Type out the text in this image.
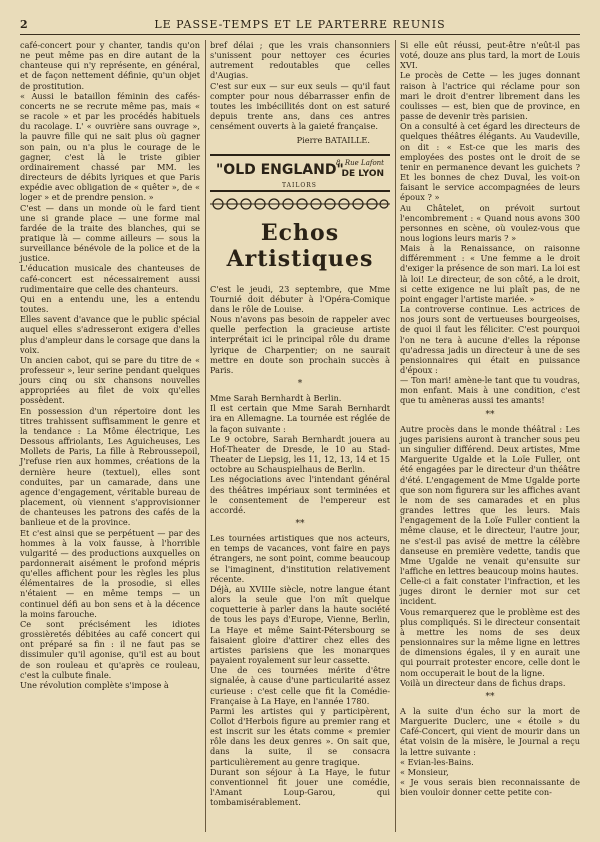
2	LE PASSE-TEMPS ET LE PARTERRE REUNIS

café-concert pour y chanter, tandis qu'on ne peut même pas en dire autant de la chanteuse qui n'y représente, en général, et de façon nettement définie, qu'un objet de prostitution.

« Aussi le bataillon féminin des cafés-concerts ne se recrute même pas, mais « se racole » et par les procédés habituels du racolage. L' « ouvrière sans ouvrage », la pauvre fille qui ne sait plus où gagner son pain, ou n'a plus le courage de le gagner, c'est là le triste gibier ordinairement chassé par MM. les directeurs de débits lyriques et que Paris expédie avec obligation de « quêter », de « loger » et de prendre pension. »

C'est — dans un monde où le fard tient une si grande place — une forme mal fardée de la traite des blanches, qui se pratique là — comme ailleurs — sous la surveillance bénévole de la police et de la justice.

L'éducation musicale des chanteuses de café-concert est nécessairement aussi rudimentaire que celle des chanteurs.

Qui en a entendu une, les a entendu toutes.

Elles savent d'avance que le public spécial auquel elles s'adresseront exigera d'elles plus d'ampleur dans le corsage que dans la voix.

Un ancien cabot, qui se pare du titre de « professeur », leur serine pendant quelques jours cinq ou six chansons nouvelles appropriées au filet de voix qu'elles possèdent.

En possession d'un répertoire dont les titres trahissent suffisamment le genre et la tendance : La Môme électrique, Les Dessous affriolants, Les Aguicheuses, Les Mollets de Paris, La fille à Rebroussepoil, J'refuse rien aux hommes, créations de la dernière heure (textuel), elles sont conduites, par un camarade, dans une agence d'engagement, véritable bureau de placement, où viennent s'approvisionner de chanteuses les patrons des cafés de la banlieue et de la province.

Et c'est ainsi que se perpétuent — par des hommes à la voix fausse, à l'horrible vulgarité — des productions auxquelles on pardonnerait aisément le profond mépris qu'elles affichent pour les règles les plus élémentaires de la prosodie, si elles n'étaient — en même temps — un continuel défi au bon sens et à la décence la moins farouche.

Ce sont précisément les idiotes grossièretés débitées au café concert qui ont préparé sa fin : il ne faut pas se dissimuler qu'il agonise, qu'il est au bout de son rouleau et qu'après ce rouleau, c'est la culbute finale.

Une révolution complète s'impose à

bref délai ; que les vrais chansonniers s'unissent pour nettoyer ces écuries autrement redoutables que celles d'Augias.

C'est sur eux — sur eux seuls — qu'il faut compter pour nous débarrasser enfin de toutes les imbécillités dont on est saturé depuis trente ans, dans ces antres censément ouverts à la gaieté française.

Pierre BATAILLE.

8, Rue Lafont
"OLD ENGLAND"
DE LYON
TAILORS

Echos Artistiques

C'est le jeudi, 23 septembre, que Mme Tournié doit débuter à l'Opéra-Comique dans le rôle de Louise.

Nous n'avons pas besoin de rappeler avec quelle perfection la gracieuse artiste interprétait ici le principal rôle du drame lyrique de Charpentier; on ne saurait mettre en doute son prochain succès à Paris.

*

Mme Sarah Bernhardt à Berlin.

Il est certain que Mme Sarah Bernhardt ira en Allemagne. La tournée est réglée de la façon suivante :

Le 9 octobre, Sarah Bernhardt jouera au Hof-Theater de Dresde, le 10 au Stad-Theater de Liepsig, les 11, 12, 13, 14 et 15 octobre au Schauspielhaus de Berlin.

Les négociations avec l'intendant général des théâtres impériaux sont terminées et le consentement de l'empereur est accordé.

**

Les tournées artistiques que nos acteurs, en temps de vacances, vont faire en pays étrangers, ne sont point, comme beaucoup se l'imaginent, d'institution relativement récente.

Déjà, au XVIIIe siècle, notre langue étant alors la seule que l'on mît quelque coquetterie à parler dans la haute société de tous les pays d'Europe, Vienne, Berlin, La Haye et même Saint-Pétersbourg se faisaient gloire d'attirer chez elles des artistes parisiens que les monarques payaient royalement sur leur cassette.

Une de ces tournées mérite d'être signalée, à cause d'une particularité assez curieuse : c'est celle que fit la Comédie-Française à La Haye, en l'année 1780.

Parmi les artistes qui y participèrent, Collot d'Herbois figure au premier rang et est inscrit sur les états comme « premier rôle dans les deux genres ». On sait que, dans la suite, il se consacra particulièrement au genre tragique.

Durant son séjour à La Haye, le futur conventionnel fit jouer une comédie, l'Amant Loup-Garou, qui tombamisérablement.

Si elle eût réussi, peut-être n'eût-il pas voté, douze ans plus tard, la mort de Louis XVI.

Le procès de Cette — les juges donnant raison à l'actrice qui réclame pour son mari le droit d'entrer librement dans les coulisses — est, bien que de province, en passe de devenir très parisien.

On a consulté à cet égard les directeurs de quelques théâtres élégants. Au Vaudeville, on dit : « Est-ce que les maris des employées des postes ont le droit de se tenir en permanence devant les guichets ? Et les bonnes de chez Duval, les voit-on faisant le service accompagnées de leurs époux ? »

Au Châtelet, on prévoit surtout l'encombrement : « Quand nous avons 300 personnes en scène, où voulez-vous que nous logions leurs maris ? »

Mais à la Renaissance, on raisonne différemment : « Une femme a le droit d'exiger la présence de son mari. La loi est là loi! Le directeur, de son côté, a le droit, si cette exigence ne lui plaît pas, de ne point engager l'artiste mariée. »

La controverse continue. Les actrices de nos jours sont de vertueuses bourgeoises, de quoi il faut les féliciter. C'est pourquoi l'on ne tera à aucune d'elles la réponse qu'adressa jadis un directeur à une de ses pensionnaires qui était en puissance d'époux :

— Ton mari! amène-le tant que tu voudras, mon enfant. Mais à une condition, c'est que tu amèneras aussi tes amants!

**

Autre procès dans le monde théâtral : Les juges parisiens auront à trancher sous peu un singulier différend. Deux artistes, Mme Marguerite Ugalde et la Loïe Fuller, ont été engagées par le directeur d'un théâtre d'été. L'engagement de Mme Ugalde porte que son nom figurera sur les affiches avant le nom de ses camarades et en plus grandes lettres que les leurs. Mais l'engagement de la Loïe Fuller contient la même clause, et le directeur, l'autre jour, ne s'est-il pas avisé de mettre la célèbre danseuse en première vedette, tandis que Mme Ugalde ne venait qu'ensuite sur l'affiche en lettres beaucoup moins hautes.

Celle-ci a fait constater l'infraction, et les juges diront le dernier mot sur cet incident.

Vous remarquerez que le problème est des plus compliqués. Si le directeur consentait à mettre les noms de ses deux pensionnaires sur la même ligne en lettres de dimensions égales, il y en aurait une qui pourrait protester encore, celle dont le nom occuperait le bout de la ligne.

Voilà un directeur dans de fichus draps.

**

A la suite d'un écho sur la mort de Marguerite Duclerc, une « étoile » du Café-Concert, qui vient de mourir dans un état voisin de la misère, le Journal a reçu la lettre suivante :

« Evian-les-Bains.

« Monsieur,

« Je vous serais bien reconnaissante de bien vouloir donner cette petite con-
